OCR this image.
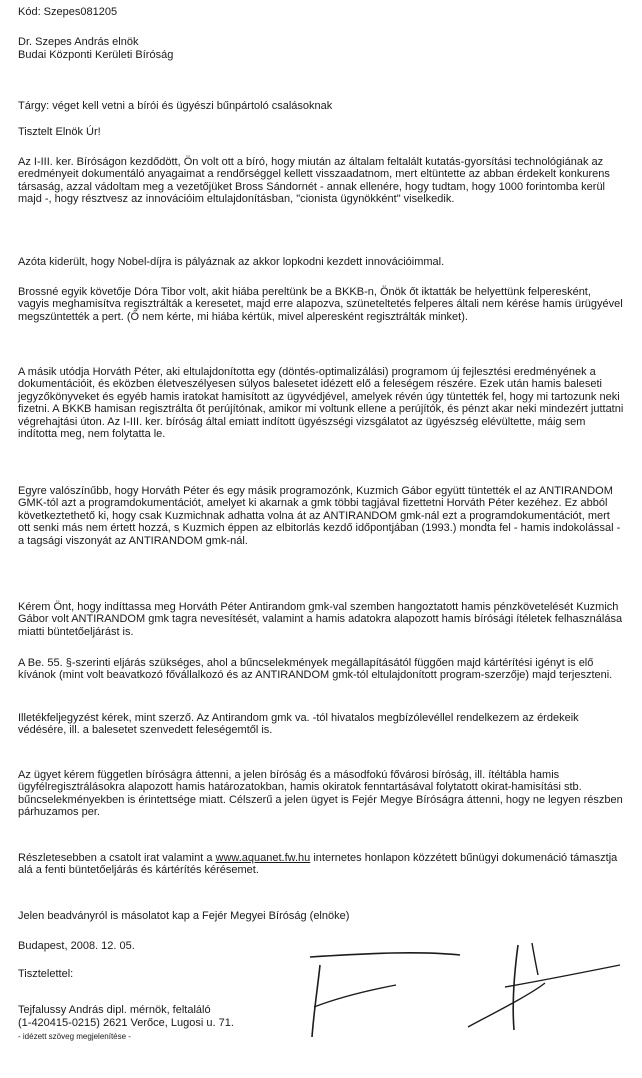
Kód: Szepes081205

Dr. Szepes András elnök

Budai Központi Kerületi Bíróság

Tárgy: véget kell vetni a bírói és ügyészi bűnpártoló csalásoknak

Tisztelt Elnök Úr!

Az I-III. ker. Bíróságon kezdődött, Ön volt ott a bíró, hogy miután az általam feltalált kutatás-gyorsítási technológiának az eredményeit dokumentáló anyagaimat a rendőrséggel kellett visszaadatnom, mert eltüntette az abban érdekelt konkurens társaság, azzal vádoltam meg a vezetőjüket Bross Sándornét - annak ellenére, hogy tudtam, hogy 1000 forintomba kerül majd -, hogy résztvesz az innovációim eltulajdonításban, "cionista ügynökként" viselkedik.

Azóta kiderült, hogy Nobel-díjra is pályáznak az akkor lopkodni kezdett innovációimmal.

Brossné egyik követője Dóra Tibor volt, akit hiába pereltünk be a BKKB-n, Önök őt iktatták be helyettünk felperesként, vagyis meghamisítva regisztrálták a keresetet, majd erre alapozva, szüneteltetés felperes általi nem kérése hamis ürügyével megszüntették a pert. (Ő nem kérte, mi hiába kértük, mivel alperesként regisztrálták minket).

A másik utódja Horváth Péter, aki eltulajdonította egy (döntés-optimalizálási) programom új fejlesztési eredményének a dokumentációit, és eközben életveszélyesen súlyos balesetet idézett elő a feleségem részére. Ezek után hamis baleseti jegyzőkönyveket és egyéb hamis iratokat hamisított az ügyvédjével, amelyek révén úgy tüntették fel, hogy mi tartozunk neki fizetni. A BKKB hamisan regisztrálta őt perújítónak, amikor mi voltunk ellene a perújítók, és pénzt akar neki mindezért juttatni végrehajtási úton. Az I-III. ker. bíróság által emiatt indított ügyészségi vizsgálatot az ügyészség elévültette, máig sem indította meg, nem folytatta le.

Egyre valószínűbb, hogy Horváth Péter és egy másik programozónk, Kuzmich Gábor együtt tüntették el az ANTIRANDOM GMK-tól azt a programdokumentációt, amelyet ki akarnak a gmk többi tagjával fizettetni Horváth Péter kezéhez. Ez abból következtethető ki, hogy csak Kuzmichnak adhatta volna át az ANTIRANDOM gmk-nál ezt a programdokumentációt, mert ott senki más nem értett hozzá, s Kuzmich éppen az elbitorlás kezdő időpontjában (1993.) mondta fel - hamis indokolással - a tagsági viszonyát az ANTIRANDOM gmk-nál.

Kérem Önt, hogy indíttassa meg Horváth Péter Antirandom gmk-val szemben hangoztatott hamis pénzkövetelését Kuzmich Gábor volt ANTIRANDOM gmk tagra nevesítését, valamint a hamis adatokra alapozott hamis bírósági ítéletek felhasználása miatti büntetőeljárást is.

A Be. 55. §-szerinti eljárás szükséges, ahol a bűncselekmények megállapításától függően majd kártérítési igényt is elő kívánok (mint volt beavatkozó fővállalkozó és az ANTIRANDOM gmk-tól eltulajdonított program-szerzője) majd terjeszteni.

Illetékfeljegyzést kérek, mint szerző. Az Antirandom gmk va. -tól hivatalos megbízólevéllel rendelkezem az érdekeik védésére, ill. a balesetet szenvedett feleségemtől is.

Az ügyet kérem független bíróságra áttenni, a jelen bíróság és a másodfokú fővárosi bíróság, ill. ítéltábla hamis ügyfélregisztrálásokra alapozott hamis határozatokban, hamis okiratok fenntartásával folytatott okirat-hamisítási stb. bűncselekményekben is érintettsége miatt. Célszerű a jelen ügyet is Fejér Megye Bíróságra áttenni, hogy ne legyen részben párhuzamos per.

Részletesebben a csatolt irat valamint a www.aquanet.fw.hu internetes honlapon közzétett bűnügyi dokumenáció támasztja alá a fenti büntetőeljárás és kártérítés kérésemet.

Jelen beadványról is másolatot kap a Fejér Megyei Bíróság (elnöke)

Budapest, 2008. 12. 05.

Tisztelettel:

Tejfalussy András dipl. mérnök, feltaláló

(1-420415-0215) 2621 Verőce, Lugosi u. 71.

- idézett szöveg megjelenítése -
